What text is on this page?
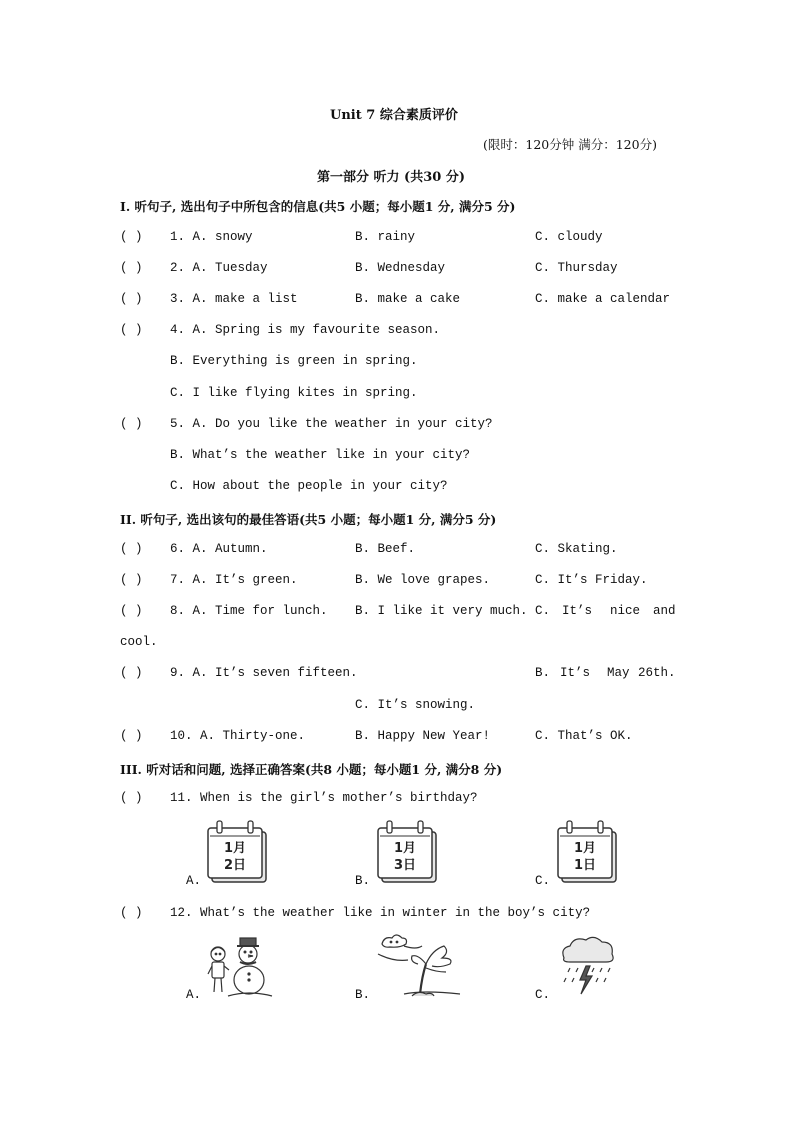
Unit 7 综合素质评价
(限时：120分钟 满分：120分)
第一部分 听力 (共30 分)
I. 听句子, 选出句子中所包含的信息(共5 小题；每小题1 分, 满分5 分)
( ) 1. A. snowy	B. rainy	C. cloudy
( ) 2. A. Tuesday	B. Wednesday	C. Thursday
( ) 3. A. make a list	B. make a cake	C. make a calendar
( ) 4. A. Spring is my favourite season.
B. Everything is green in spring.
C. I like flying kites in spring.
( ) 5. A. Do you like the weather in your city?
B. What’s the weather like in your city?
C. How about the people in your city?
II. 听句子, 选出该句的最佳答语(共5 小题；每小题1 分, 满分5 分)
( ) 6. A. Autumn.	B. Beef.	C. Skating.
( ) 7. A. It’s green.	B. We love grapes.	C. It’s Friday.
( ) 8. A. Time for lunch. B. I like it very much. C. It’s nice and
cool.
( ) 9. A. It’s seven fifteen.	B. It’s May 26th.
C. It’s snowing.
( ) 10. A. Thirty-one.	B. Happy New Year!	C. That’s OK.
III. 听对话和问题, 选择正确答案(共8 小题；每小题1 分, 满分8 分)
( ) 11. When is the girl’s mother’s birthday?
A.
1月
2日
B.
1月
3日
C.
1月
1日
( ) 12. What’s the weather like in winter in the boy’s city?
A.	B.	C.
